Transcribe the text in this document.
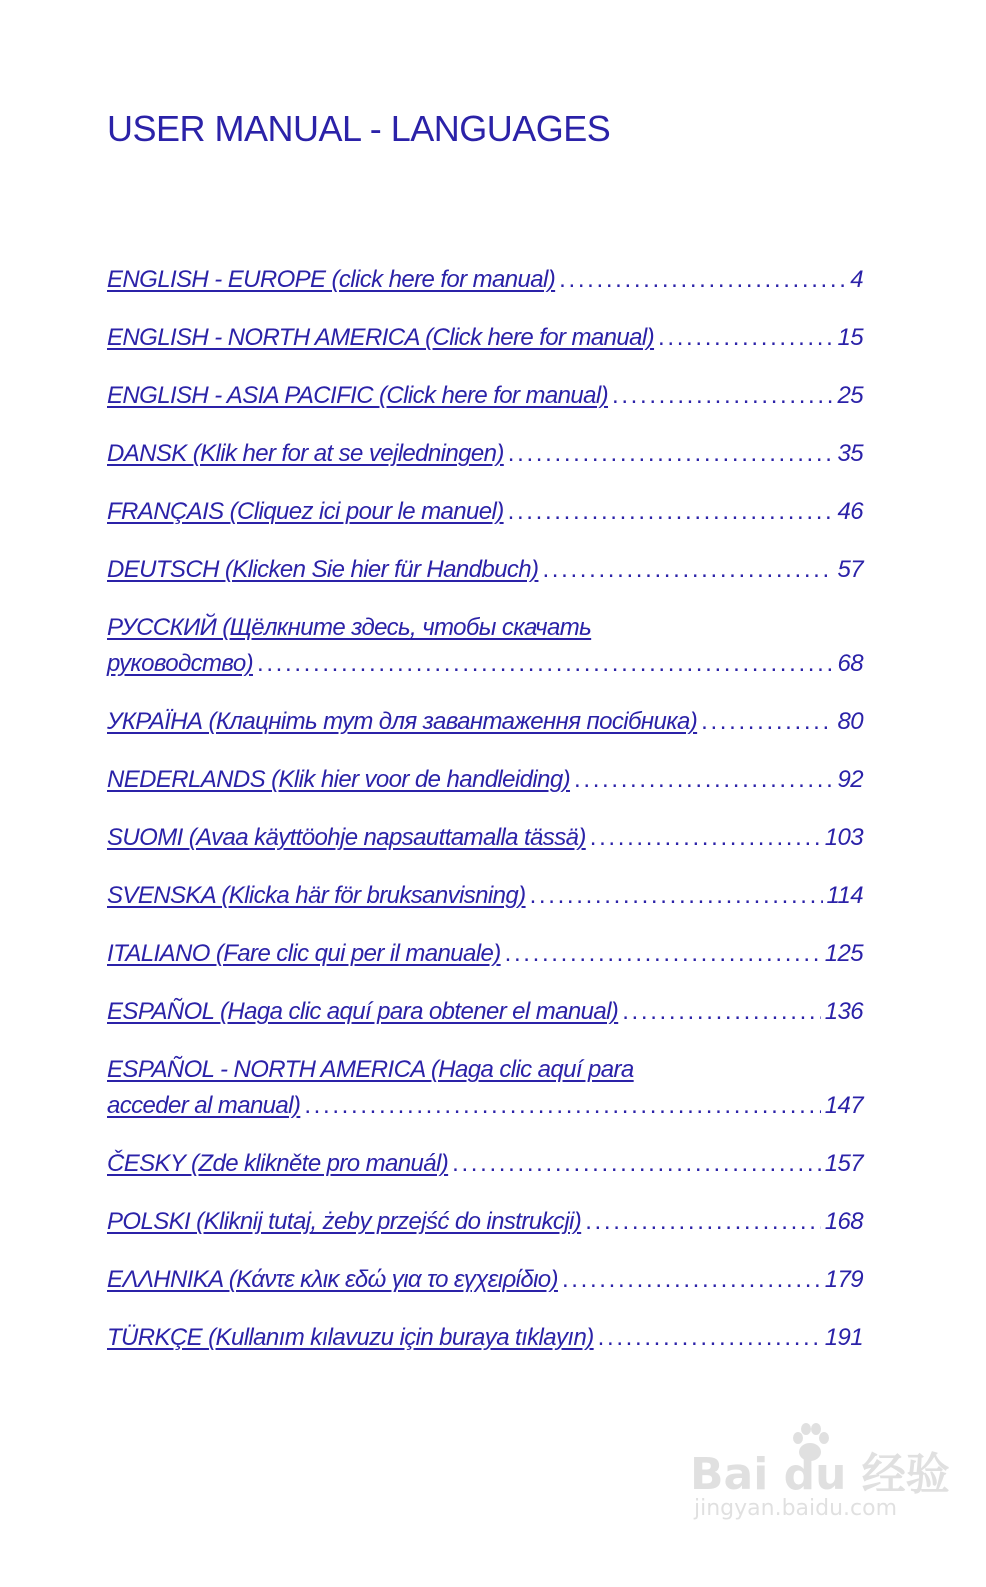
USER MANUAL - LANGUAGES
ENGLISH - EUROPE (click here for manual) . . .	4
ENGLISH - NORTH AMERICA (Click here for manual) . . .	15
ENGLISH - ASIA PACIFIC (Click here for manual) . . .	25
DANSK (Klik her for at se vejledningen) . . .	35
FRANÇAIS (Cliquez ici pour le manuel) . . .	46
DEUTSCH (Klicken Sie hier für Handbuch) . . .	57
РУССКИЙ (Щёлкните здесь, чтобы скачать
руководство) . . .	68
УКРАЇНА (Клацніть тут для завантаження посібника) . . .	80
NEDERLANDS (Klik hier voor de handleiding) . . .	92
SUOMI (Avaa käyttöohje napsauttamalla tässä) . . .	103
SVENSKA (Klicka här för bruksanvisning) . . .	114
ITALIANO (Fare clic qui per il manuale) . . .	125
ESPAÑOL (Haga clic aquí para obtener el manual) . . .	136
ESPAÑOL - NORTH AMERICA (Haga clic aquí para
acceder al manual) . . .	147
ČESKY (Zde klikněte pro manuál) . . .	157
POLSKI (Kliknij tutaj, żeby przejść do instrukcji) . . .	168
ΕΛΛΗΝΙΚΑ (Κάντε κλικ εδώ για το εγχειρίδιο) . . .	179
TÜRKÇE (Kullanım kılavuzu için buraya tıklayın) . . .	191
Bai du 经验
jingyan.baidu.com
